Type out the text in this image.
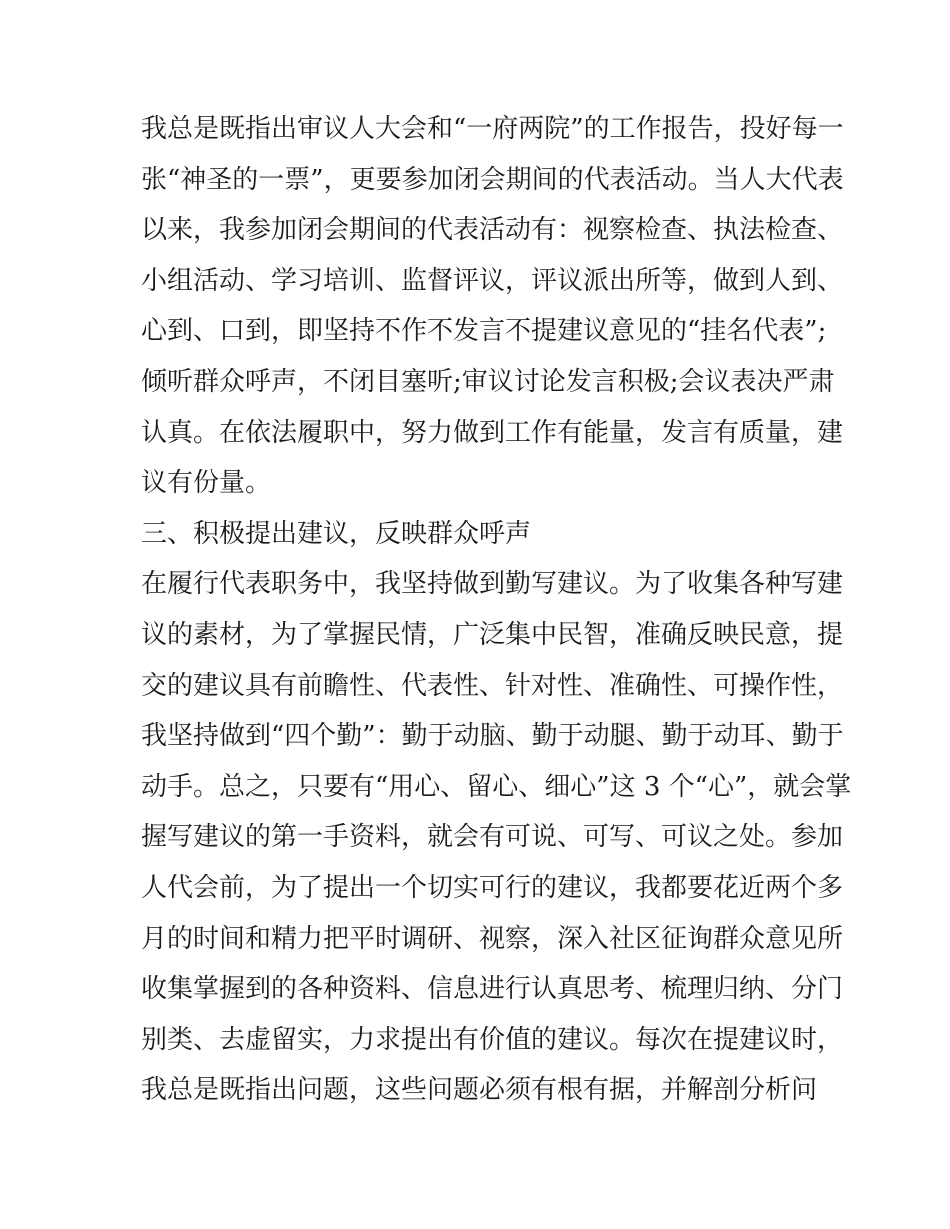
我总是既指出审议人大会和“一府两院”的工作报告，投好每一
张“神圣的一票”，更要参加闭会期间的代表活动。当人大代表
以来，我参加闭会期间的代表活动有：视察检查、执法检查、
小组活动、学习培训、监督评议，评议派出所等，做到人到、
心到、口到，即坚持不作不发言不提建议意见的“挂名代表”;
倾听群众呼声，不闭目塞听;审议讨论发言积极;会议表决严肃
认真。在依法履职中，努力做到工作有能量，发言有质量，建
议有份量。
三、积极提出建议，反映群众呼声
在履行代表职务中，我坚持做到勤写建议。为了收集各种写建
议的素材，为了掌握民情，广泛集中民智，准确反映民意，提
交的建议具有前瞻性、代表性、针对性、准确性、可操作性，
我坚持做到“四个勤”：勤于动脑、勤于动腿、勤于动耳、勤于
动手。总之，只要有“用心、留心、细心”这 3 个“心”，就会掌
握写建议的第一手资料，就会有可说、可写、可议之处。参加
人代会前，为了提出一个切实可行的建议，我都要花近两个多
月的时间和精力把平时调研、视察，深入社区征询群众意见所
收集掌握到的各种资料、信息进行认真思考、梳理归纳、分门
别类、去虚留实，力求提出有价值的建议。每次在提建议时，
我总是既指出问题，这些问题必须有根有据，并解剖分析问
